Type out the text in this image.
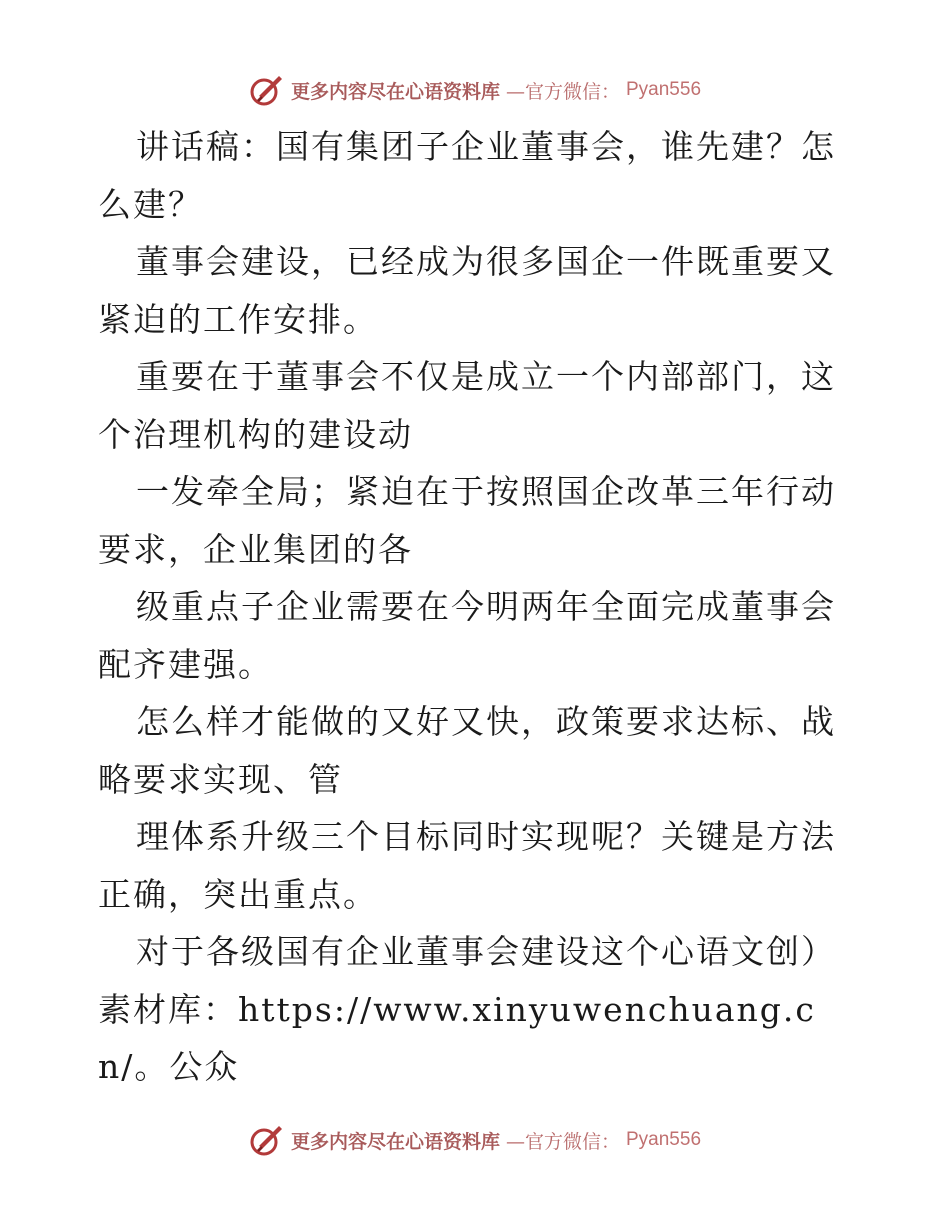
更多内容尽在心语资料库 —官方微信： Pyan556

讲话稿：国有集团子企业董事会，谁先建？怎么建？

董事会建设，已经成为很多国企一件既重要又紧迫的工作安排。

重要在于董事会不仅是成立一个内部部门，这个治理机构的建设动

一发牵全局；紧迫在于按照国企改革三年行动要求，企业集团的各

级重点子企业需要在今明两年全面完成董事会配齐建强。

怎么样才能做的又好又快，政策要求达标、战略要求实现、管

理体系升级三个目标同时实现呢？关键是方法正确，突出重点。

对于各级国有企业董事会建设这个心语文创）素材库：https://www.xinyuwenchuang.cn/。公众

更多内容尽在心语资料库 —官方微信： Pyan556
